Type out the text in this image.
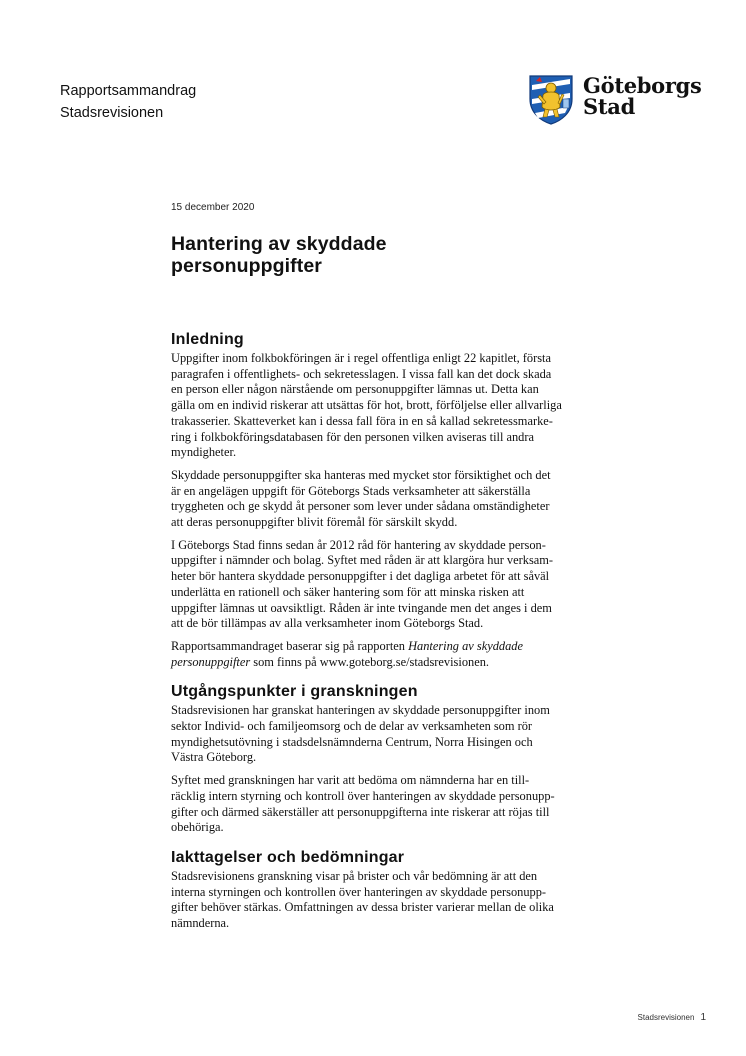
Rapportsammandrag
Stadsrevisionen
Göteborgs
Stad
15 december 2020
Hantering av skyddade
personuppgifter
Inledning

Uppgifter inom folkbokföringen är i regel offentliga enligt 22 kapitlet, första
paragrafen i offentlighets- och sekretesslagen. I vissa fall kan det dock skada
en person eller någon närstående om personuppgifter lämnas ut. Detta kan
gälla om en individ riskerar att utsättas för hot, brott, förföljelse eller allvarliga
trakasserier. Skatteverket kan i dessa fall föra in en så kallad sekretessmarke-
ring i folkbokföringsdatabasen för den personen vilken aviseras till andra
myndigheter.

Skyddade personuppgifter ska hanteras med mycket stor försiktighet och det
är en angelägen uppgift för Göteborgs Stads verksamheter att säkerställa
tryggheten och ge skydd åt personer som lever under sådana omständigheter
att deras personuppgifter blivit föremål för särskilt skydd.

I Göteborgs Stad finns sedan år 2012 råd för hantering av skyddade person-
uppgifter i nämnder och bolag. Syftet med råden är att klargöra hur verksam-
heter bör hantera skyddade personuppgifter i det dagliga arbetet för att såväl
underlätta en rationell och säker hantering som för att minska risken att
uppgifter lämnas ut oavsiktligt. Råden är inte tvingande men det anges i dem
att de bör tillämpas av alla verksamheter inom Göteborgs Stad.

Rapportsammandraget baserar sig på rapporten Hantering av skyddade
personuppgifter som finns på www.goteborg.se/stadsrevisionen.

Utgångspunkter i granskningen

Stadsrevisionen har granskat hanteringen av skyddade personuppgifter inom
sektor Individ- och familjeomsorg och de delar av verksamheten som rör
myndighetsutövning i stadsdelsnämnderna Centrum, Norra Hisingen och
Västra Göteborg.

Syftet med granskningen har varit att bedöma om nämnderna har en till-
räcklig intern styrning och kontroll över hanteringen av skyddade personupp-
gifter och därmed säkerställer att personuppgifterna inte riskerar att röjas till
obehöriga.

Iakttagelser och bedömningar

Stadsrevisionens granskning visar på brister och vår bedömning är att den
interna styrningen och kontrollen över hanteringen av skyddade personupp-
gifter behöver stärkas. Omfattningen av dessa brister varierar mellan de olika
nämnderna.

Stadsrevisionen 1
